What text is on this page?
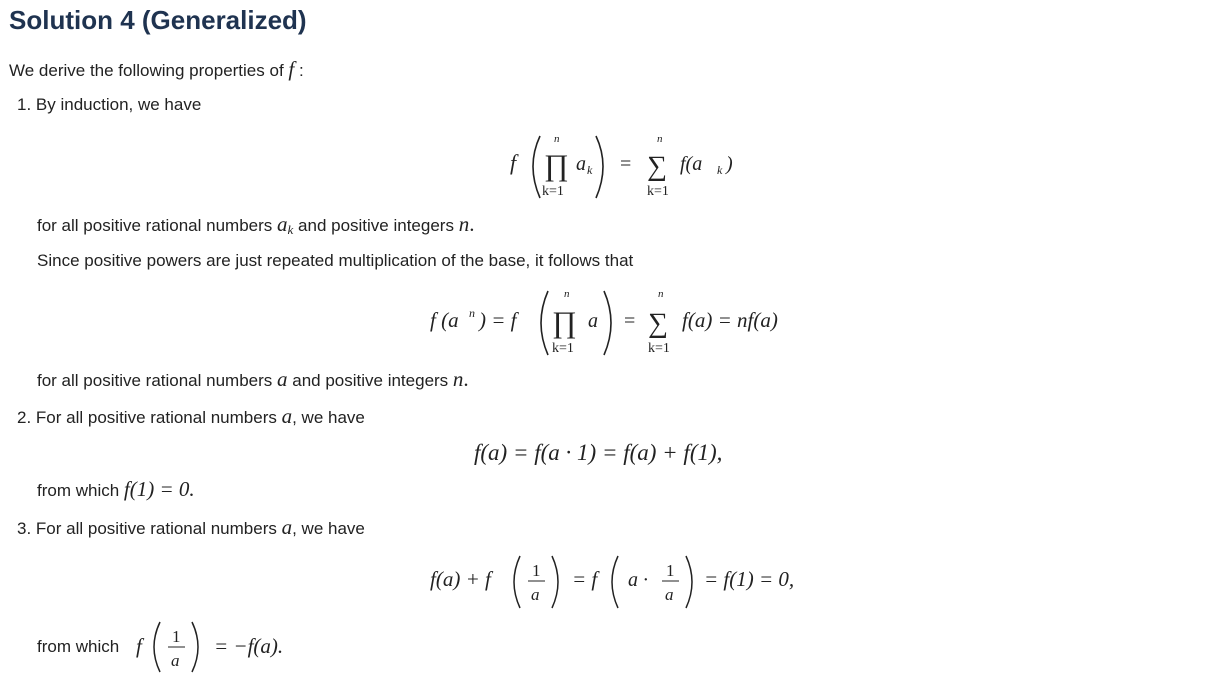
Solution 4 (Generalized)
We derive the following properties of f :
1. By induction, we have
f
n
∏
k=1
a k =
n
∑
k=1
f(a k )
for all positive rational numbers $a_k$ and positive integers n.
Since positive powers are just repeated multiplication of the base, it follows that
f (a n ) = f
n
∏
k=1
a =
n
∑
k=1
f(a) = nf(a)
for all positive rational numbers a and positive integers n.
2. For all positive rational numbers a, we have
f(a) = f(a · 1) = f(a) + f(1),
from which f(1) = 0.
3. For all positive rational numbers a, we have
f(a) + f 1
a
= f a · 1
a
= f(1) = 0,
from which f 1
a
= −f(a).
